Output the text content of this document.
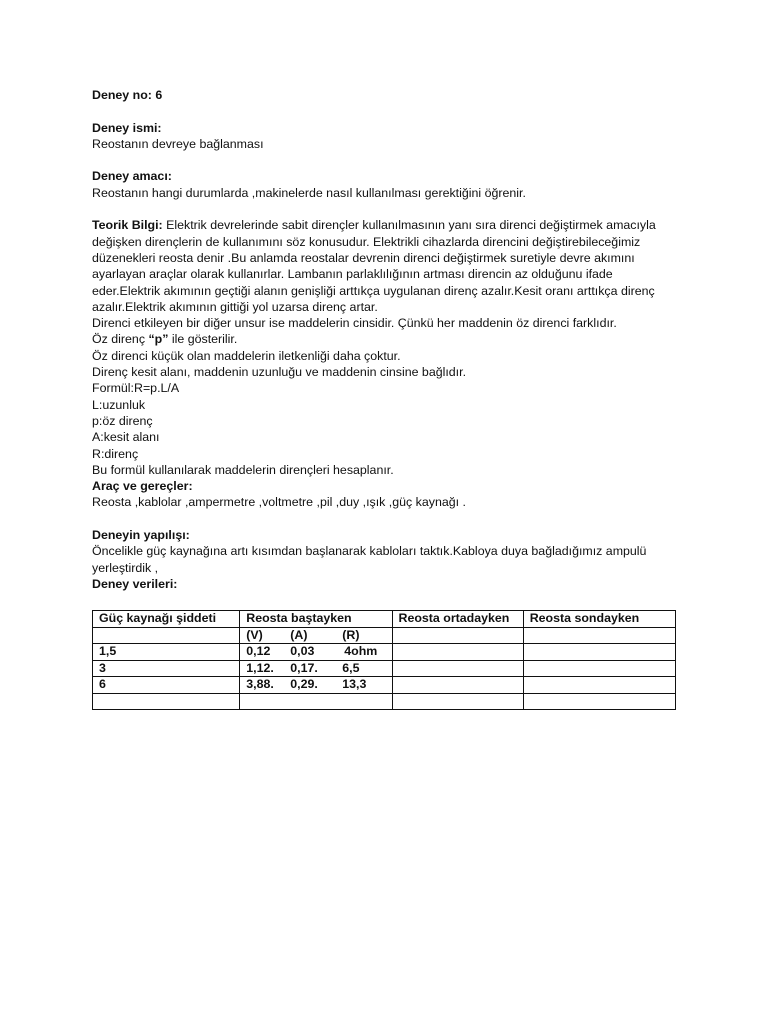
Deney no: 6
Deney ismi:
Reostanın devreye bağlanması
Deney amacı:
Reostanın hangi durumlarda ,makinelerde nasıl kullanılması gerektiğini öğrenir.
Teorik Bilgi: Elektrik devrelerinde sabit dirençler kullanılmasının yanı sıra direnci değiştirmek amacıyla
değişken dirençlerin de kullanımını söz konusudur. Elektrikli cihazlarda direncini değiştirebileceğimiz
düzenekleri reosta denir .Bu anlamda reostalar devrenin direnci değiştirmek suretiyle devre akımını
ayarlayan araçlar olarak kullanırlar. Lambanın parlaklılığının artması direncin az olduğunu ifade
eder.Elektrik akımının geçtiği alanın genişliği arttıkça uygulanan direnç azalır.Kesit oranı arttıkça direnç
azalır.Elektrik akımının gittiği yol uzarsa direnç artar.
Direnci etkileyen bir diğer unsur ise maddelerin cinsidir. Çünkü her maddenin öz direnci farklıdır.
Öz direnç “p” ile gösterilir.
Öz direnci küçük olan maddelerin iletkenliği daha çoktur.
Direnç kesit alanı, maddenin uzunluğu ve maddenin cinsine bağlıdır.
Formül:R=p.L/A
L:uzunluk
p:öz direnç
A:kesit alanı
R:direnç
Bu formül kullanılarak maddelerin dirençleri hesaplanır.
Araç ve gereçler:
Reosta ,kablolar ,ampermetre ,voltmetre ,pil ,duy ,ışık ,güç kaynağı .
Deneyin yapılışı:
Öncelikle güç kaynağına artı kısımdan başlanarak kabloları taktık.Kabloya duya bağladığımız ampulü
yerleştirdik ,
Deney verileri:
Güç kaynağı şiddeti	Reosta baştayken	Reosta ortadayken	Reosta sondayken
	(V) (A) (R)		
1,5	0,12 0,03 4ohm		
3	1,12. 0,17. 6,5		
6	3,88. 0,29. 13,3		
